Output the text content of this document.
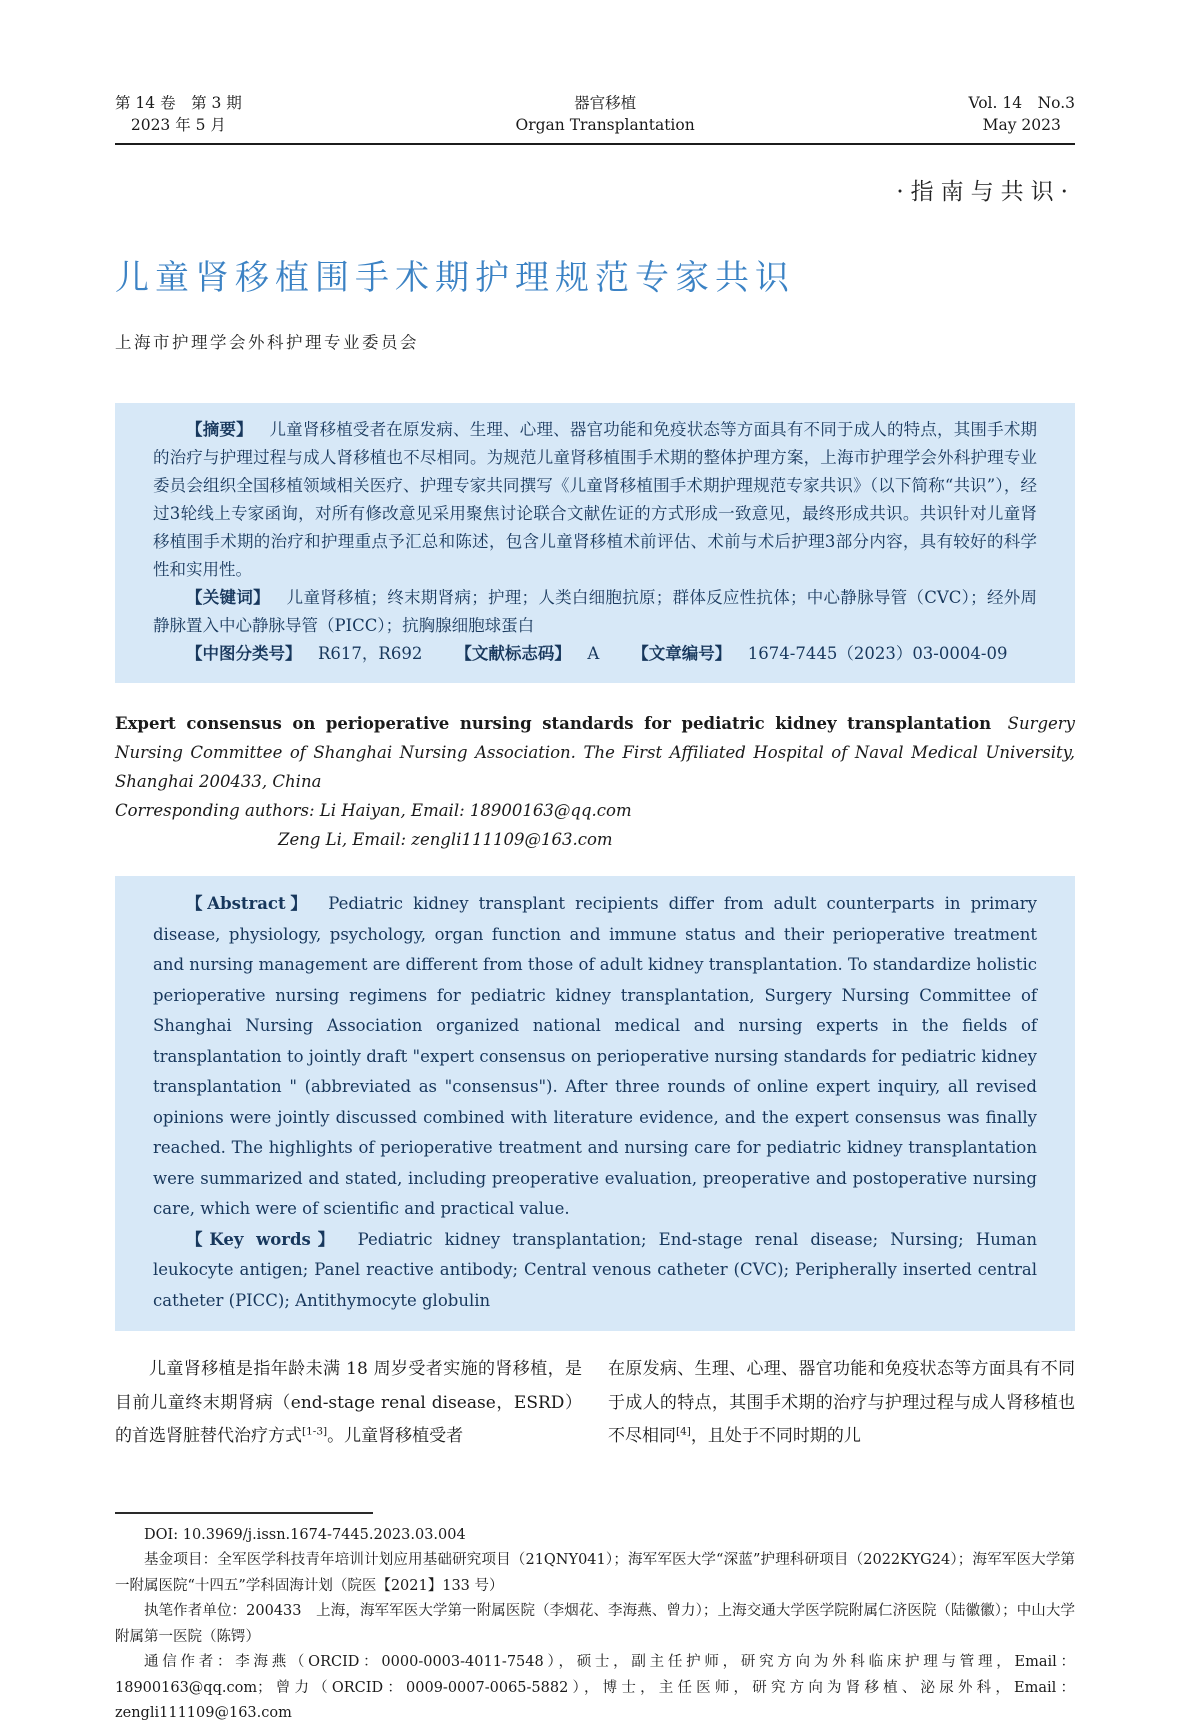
第 14 卷　第 3 期
2023 年 5 月
器官移植
Organ Transplantation
Vol. 14　No.3
May 2023
·指南与共识·
儿童肾移植围手术期护理规范专家共识
上海市护理学会外科护理专业委员会

【摘要】 儿童肾移植受者在原发病、生理、心理、器官功能和免疫状态等方面具有不同于成人的特点，其围手术期的治疗与护理过程与成人肾移植也不尽相同。为规范儿童肾移植围手术期的整体护理方案，上海市护理学会外科护理专业委员会组织全国移植领域相关医疗、护理专家共同撰写《儿童肾移植围手术期护理规范专家共识》（以下简称“共识”），经过3轮线上专家函询，对所有修改意见采用聚焦讨论联合文献佐证的方式形成一致意见，最终形成共识。共识针对儿童肾移植围手术期的治疗和护理重点予汇总和陈述，包含儿童肾移植术前评估、术前与术后护理3部分内容，具有较好的科学性和实用性。

【关键词】 儿童肾移植；终末期肾病；护理；人类白细胞抗原；群体反应性抗体；中心静脉导管（CVC）；经外周静脉置入中心静脉导管（PICC）；抗胸腺细胞球蛋白

【中图分类号】 R617，R692 【文献标志码】 A 【文章编号】 1674-7445（2023）03-0004-09

Expert consensus on perioperative nursing standards for pediatric kidney transplantation Surgery Nursing Committee of Shanghai Nursing Association. The First Affiliated Hospital of Naval Medical University, Shanghai 200433, China

Corresponding authors: Li Haiyan, Email: 18900163@qq.com

Zeng Li, Email: zengli111109@163.com

【Abstract】 Pediatric kidney transplant recipients differ from adult counterparts in primary disease, physiology, psychology, organ function and immune status and their perioperative treatment and nursing management are different from those of adult kidney transplantation. To standardize holistic perioperative nursing regimens for pediatric kidney transplantation, Surgery Nursing Committee of Shanghai Nursing Association organized national medical and nursing experts in the fields of transplantation to jointly draft "expert consensus on perioperative nursing standards for pediatric kidney transplantation " (abbreviated as "consensus"). After three rounds of online expert inquiry, all revised opinions were jointly discussed combined with literature evidence, and the expert consensus was finally reached. The highlights of perioperative treatment and nursing care for pediatric kidney transplantation were summarized and stated, including preoperative evaluation, preoperative and postoperative nursing care, which were of scientific and practical value.

【Key words】 Pediatric kidney transplantation; End-stage renal disease; Nursing; Human leukocyte antigen; Panel reactive antibody; Central venous catheter (CVC); Peripherally inserted central catheter (PICC); Antithymocyte globulin

儿童肾移植是指年龄未满 18 周岁受者实施的肾移植，是目前儿童终末期肾病（end-stage renal disease，ESRD）的首选肾脏替代治疗方式[1-3]。儿童肾移植受者

在原发病、生理、心理、器官功能和免疫状态等方面具有不同于成人的特点，其围手术期的治疗与护理过程与成人肾移植也不尽相同[4]，且处于不同时期的儿

DOI: 10.3969/j.issn.1674-7445.2023.03.004

基金项目：全军医学科技青年培训计划应用基础研究项目（21QNY041）；海军军医大学“深蓝”护理科研项目（2022KYG24）；海军军医大学第一附属医院“十四五”学科固海计划（院医【2021】133 号）

执笔作者单位：200433　上海，海军军医大学第一附属医院（李烟花、李海燕、曾力）；上海交通大学医学院附属仁济医院（陆徽徽）；中山大学附属第一医院（陈锷）

通信作者：李海燕（ORCID：0000-0003-4011-7548），硕士，副主任护师，研究方向为外科临床护理与管理，Email：18900163@qq.com；曾力（ORCID：0009-0007-0065-5882），博士，主任医师，研究方向为肾移植、泌尿外科，Email：zengli111109@163.com
